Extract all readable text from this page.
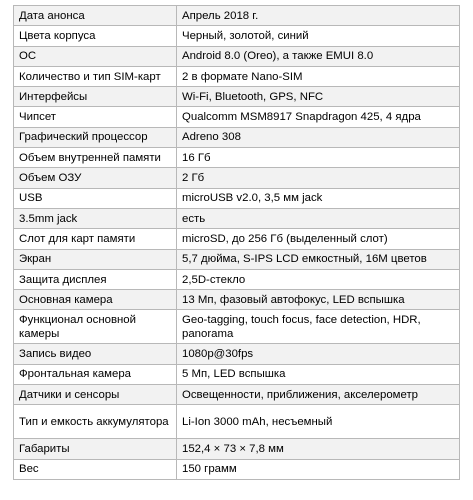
Дата анонса	Апрель 2018 г.
Цвета корпуса	Черный, золотой, синий
ОС	Android 8.0 (Oreo), а также EMUI 8.0
Количество и тип SIM-карт	2 в формате Nano-SIM
Интерфейсы	Wi-Fi, Bluetooth, GPS, NFC
Чипсет	Qualcomm MSM8917 Snapdragon 425, 4 ядра
Графический процессор	Adreno 308
Объем внутренней памяти	16 Гб
Объем ОЗУ	2 Гб
USB	microUSB v2.0, 3,5 мм jack
3.5mm jack	есть
Слот для карт памяти	microSD, до 256 Гб (выделенный слот)
Экран	5,7 дюйма, S-IPS LCD емкостный, 16M цветов
Защита дисплея	2,5D-стекло
Основная камера	13 Мп, фазовый автофокус, LED вспышка
Функционал основной камеры	Geo-tagging, touch focus, face detection, HDR, panorama
Запись видео	1080p@30fps
Фронтальная камера	5 Мп, LED вспышка
Датчики и сенсоры	Освещенности, приближения, акселерометр
Тип и емкость аккумулятора	Li-Ion 3000 mAh, несъемный
Габариты	152,4 × 73 × 7,8 мм
Вес	150 грамм
